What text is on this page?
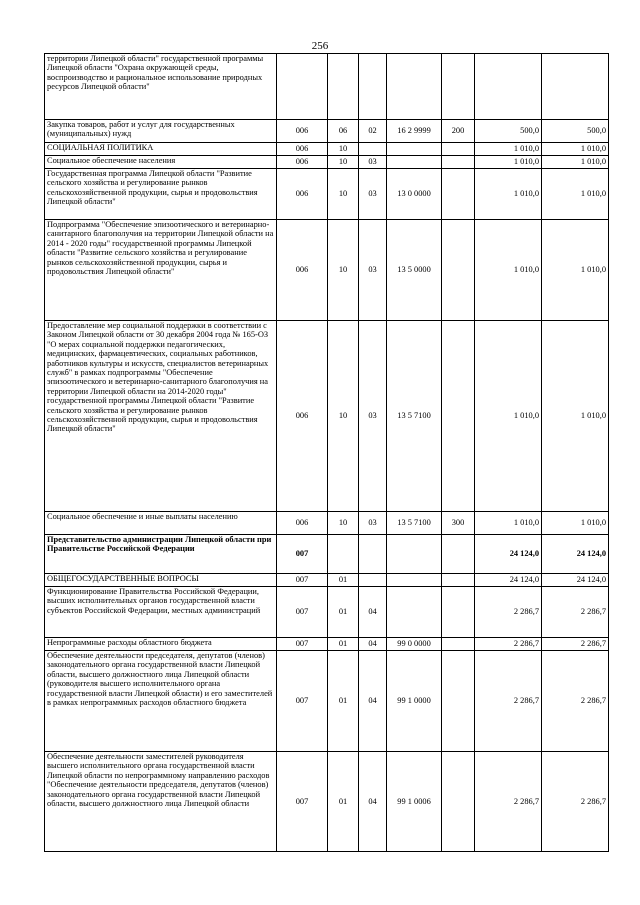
256
территории Липецкой области" государственной программы Липецкой области "Охрана окружающей среды, воспроизводство и рациональное использование природных ресурсов Липецкой области"							
Закупка товаров, работ и услуг для государственных (муниципальных) нужд	006	06	02	16 2 9999	200	500,0	500,0
СОЦИАЛЬНАЯ ПОЛИТИКА	006	10				1 010,0	1 010,0
Социальное обеспечение населения	006	10	03			1 010,0	1 010,0
Государственная программа Липецкой области "Развитие сельского хозяйства и регулирование рынков сельскохозяйственной продукции, сырья и продовольствия Липецкой области"	006	10	03	13 0 0000		1 010,0	1 010,0
Подпрограмма "Обеспечение эпизоотического и ветеринарно-санитарного благополучия на территории Липецкой области на 2014 - 2020 годы" государственной программы Липецкой области "Развитие сельского хозяйства и регулирование рынков сельскохозяйственной продукции, сырья и продовольствия Липецкой области"	006	10	03	13 5 0000		1 010,0	1 010,0
Предоставление мер социальной поддержки в соответствии с Законом Липецкой области от 30 декабря 2004 года № 165-ОЗ "О мерах социальной поддержки педагогических, медицинских, фармацевтических, социальных работников, работников культуры и искусств, специалистов ветеринарных служб" в рамках подпрограммы "Обеспечение эпизоотического и ветеринарно-санитарного благополучия на территории Липецкой области на 2014-2020 годы" государственной программы Липецкой области "Развитие сельского хозяйства и регулирование рынков сельскохозяйственной продукции, сырья и продовольствия Липецкой области"	006	10	03	13 5 7100		1 010,0	1 010,0
Социальное обеспечение и иные выплаты населению	006	10	03	13 5 7100	300	1 010,0	1 010,0
Представительство администрации Липецкой области при Правительстве Российской Федерации	007					24 124,0	24 124,0
ОБЩЕГОСУДАРСТВЕННЫЕ ВОПРОСЫ	007	01				24 124,0	24 124,0
Функционирование Правительства Российской Федерации, высших исполнительных органов государственной власти субъектов Российской Федерации, местных администраций	007	01	04			2 286,7	2 286,7
Непрограммные расходы областного бюджета	007	01	04	99 0 0000		2 286,7	2 286,7
Обеспечение деятельности председателя, депутатов (членов) законодательного органа государственной власти Липецкой области, высшего должностного лица Липецкой области (руководителя высшего исполнительного органа государственной власти Липецкой области) и его заместителей в рамках непрограммных расходов областного бюджета	007	01	04	99 1 0000		2 286,7	2 286,7
Обеспечение деятельности заместителей руководителя высшего исполнительного органа государственной власти Липецкой области по непрограммному направлению расходов "Обеспечение деятельности председателя, депутатов (членов) законодательного органа государственной власти Липецкой области, высшего должностного лица Липецкой области	007	01	04	99 1 0006		2 286,7	2 286,7
